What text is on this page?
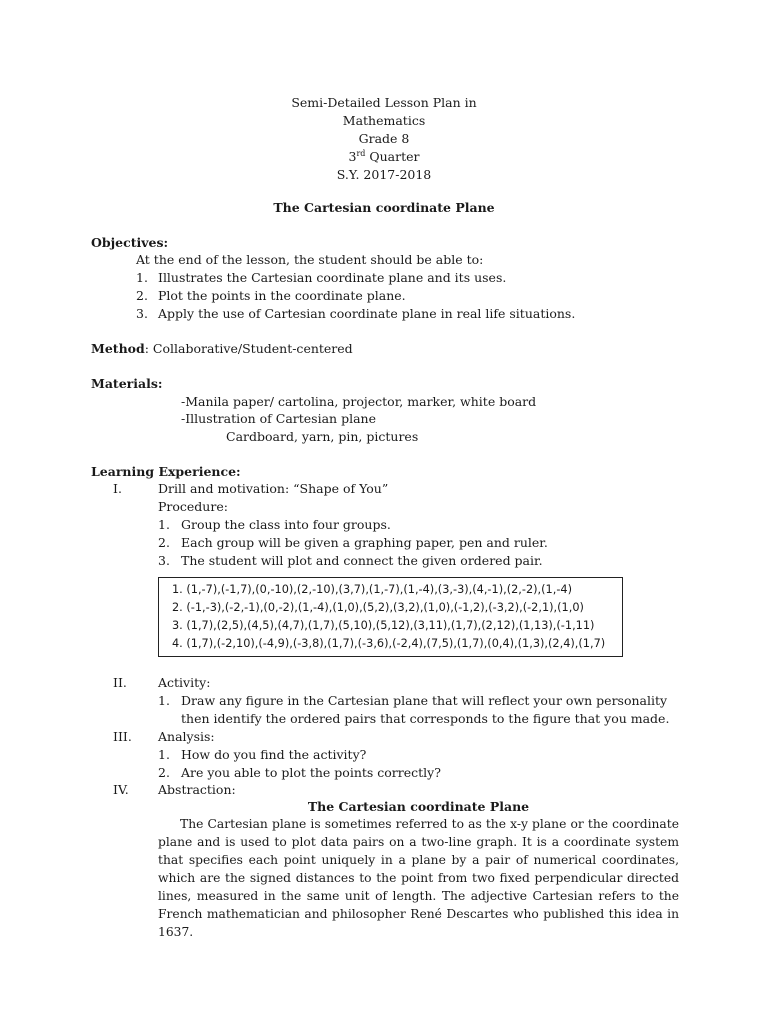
Semi-Detailed Lesson Plan in
Mathematics
Grade 8
3rd Quarter
S.Y. 2017-2018
The Cartesian coordinate Plane
Objectives:
At the end of the lesson, the student should be able to:
1. Illustrates the Cartesian coordinate plane and its uses.
2. Plot the points in the coordinate plane.
3. Apply the use of Cartesian coordinate plane in real life situations.
Method: Collaborative/Student-centered
Materials:
-Manila paper/ cartolina, projector, marker, white board
-Illustration of Cartesian plane
Cardboard, yarn, pin, pictures
Learning Experience:
I.	Drill and motivation: “Shape of You”
Procedure:
1. Group the class into four groups.
2. Each group will be given a graphing paper, pen and ruler.
3. The student will plot and connect the given ordered pair.
1. (1,-7),(-1,7),(0,-10),(2,-10),(3,7),(1,-7),(1,-4),(3,-3),(4,-1),(2,-2),(1,-4)
2. (-1,-3),(-2,-1),(0,-2),(1,-4),(1,0),(5,2),(3,2),(1,0),(-1,2),(-3,2),(-2,1),(1,0)
3. (1,7),(2,5),(4,5),(4,7),(1,7),(5,10),(5,12),(3,11),(1,7),(2,12),(1,13),(-1,11)
4. (1,7),(-2,10),(-4,9),(-3,8),(1,7),(-3,6),(-2,4),(7,5),(1,7),(0,4),(1,3),(2,4),(1,7)
II. Activity:
1. Draw any figure in the Cartesian plane that will reflect your own personality
then identify the ordered pairs that corresponds to the figure that you made.
III. Analysis:
1. How do you find the activity?
2. Are you able to plot the points correctly?
IV. Abstraction:
The Cartesian coordinate Plane
The Cartesian plane is sometimes referred to as the x-y plane or the coordinate plane and is used to plot data pairs on a two-line graph. It is a coordinate system that specifies each point uniquely in a plane by a pair of numerical coordinates, which are the signed distances to the point from two fixed perpendicular directed lines, measured in the same unit of length. The adjective Cartesian refers to the French mathematician and philosopher René Descartes who published this idea in 1637.
